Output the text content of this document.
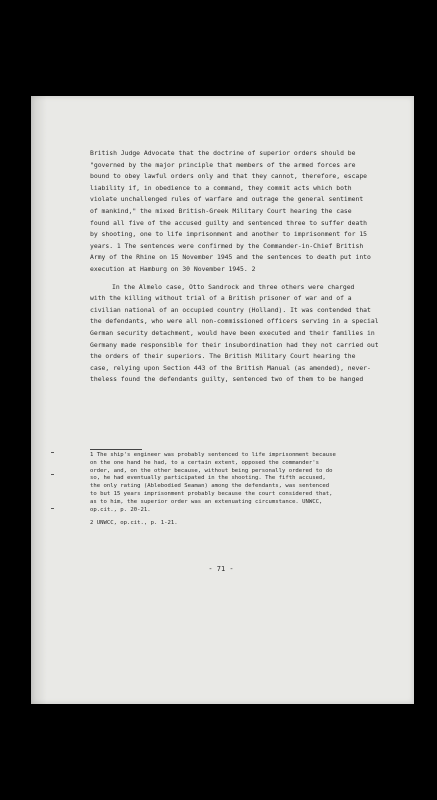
British Judge Advocate that the doctrine of superior orders should be
"governed by the major principle that members of the armed forces are
bound to obey lawful orders only and that they cannot, therefore, escape
liability if, in obedience to a command, they commit acts which both
violate unchallenged rules of warfare and outrage the general sentiment
of mankind," the mixed British-Greek Military Court hearing the case
found all five of the accused guilty and sentenced three to suffer death
by shooting, one to life imprisonment and another to imprisonment for 15
years. 1 The sentences were confirmed by the Commander-in-Chief British
Army of the Rhine on 15 November 1945 and the sentences to death put into
execution at Hamburg on 30 November 1945. 2
In the Almelo case, Otto Sandrock and three others were charged
with the killing without trial of a British prisoner of war and of a
civilian national of an occupied country (Holland). It was contended that
the defendants, who were all non-commissioned officers serving in a special
German security detachment, would have been executed and their families in
Germany made responsible for their insubordination had they not carried out
the orders of their superiors. The British Military Court hearing the
case, relying upon Section 443 of the British Manual (as amended), never-
theless found the defendants guilty, sentenced two of them to be hanged
1 The ship's engineer was probably sentenced to life imprisonment because
on the one hand he had, to a certain extent, opposed the commander's
order, and, on the other because, without being personally ordered to do
so, he had eventually participated in the shooting. The fifth accused,
the only rating (Ablebodied Seaman) among the defendants, was sentenced
to but 15 years imprisonment probably because the court considered that,
as to him, the superior order was an extenuating circumstance. UNWCC,
op.cit., p. 20-21.
2 UNWCC, op.cit., p. 1-21.
- 71 -
